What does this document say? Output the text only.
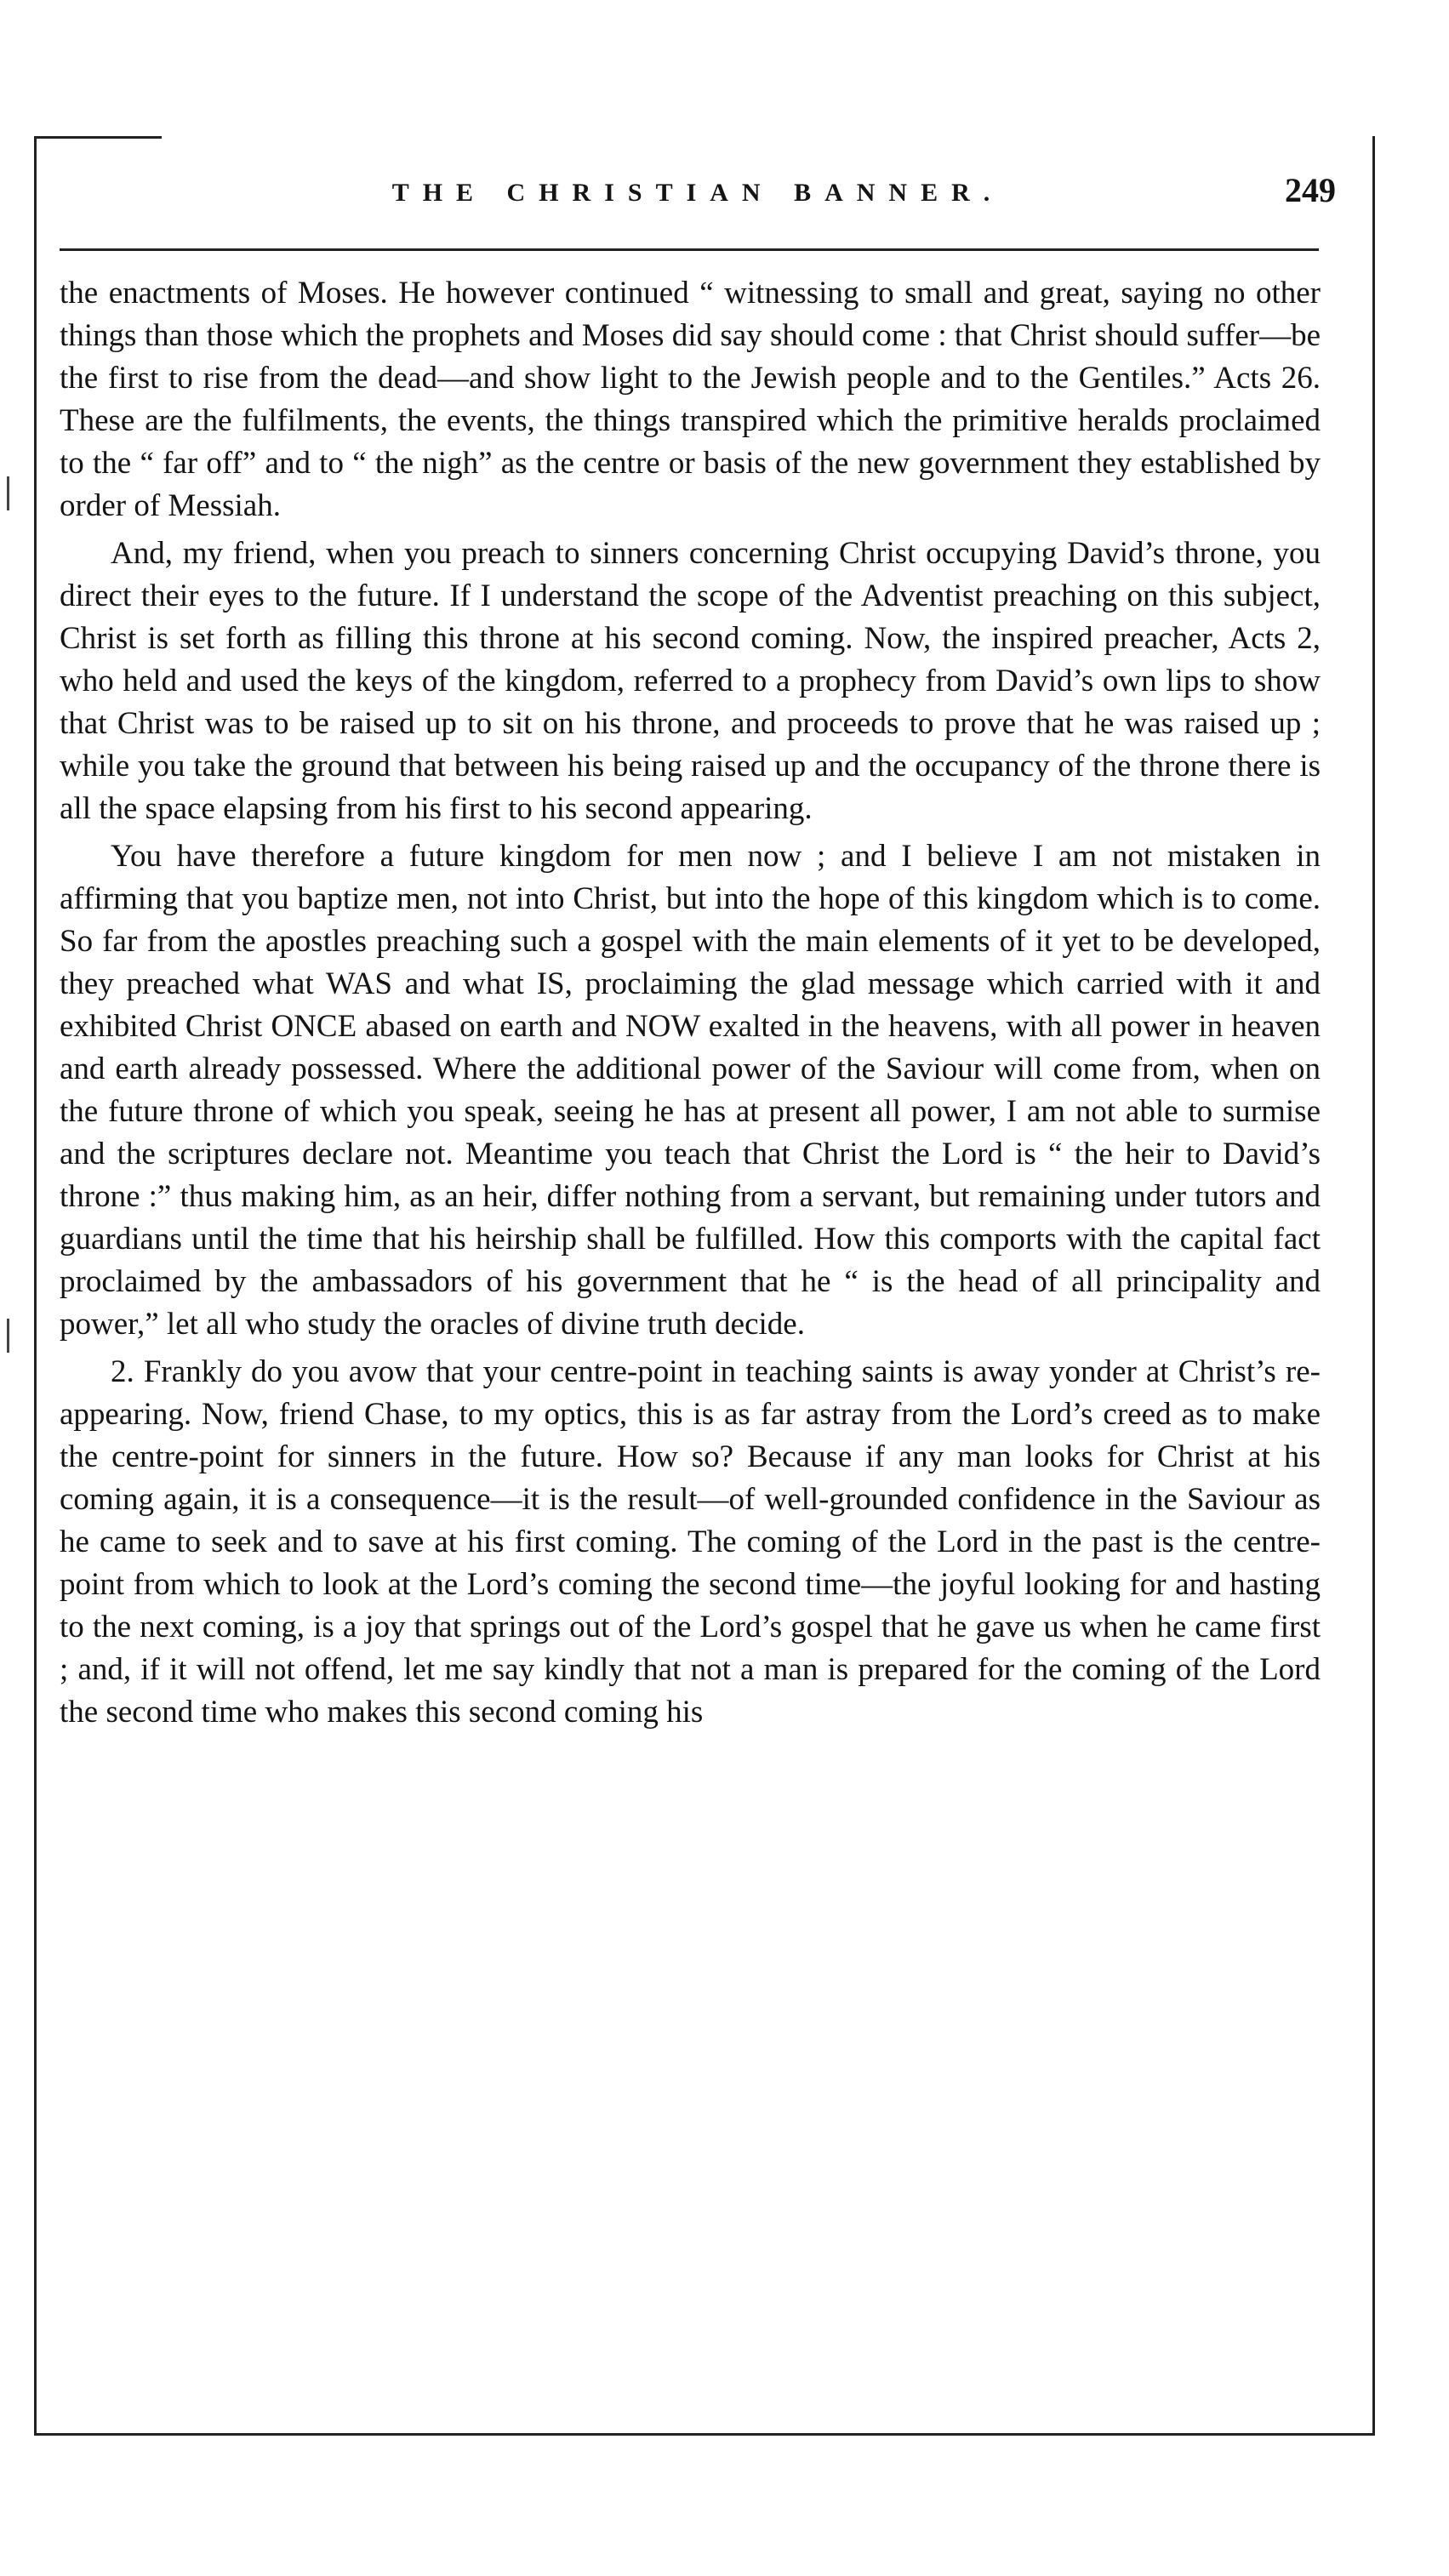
THE CHRISTIAN BANNER.	249

the enactments of Moses. He however continued “ witnessing to small and great, saying no other things than those which the prophets and Moses did say should come : that Christ should suffer—be the first to rise from the dead—and show light to the Jewish people and to the Gentiles.” Acts 26. These are the fulfilments, the events, the things transpired which the primitive heralds proclaimed to the “ far off” and to “ the nigh” as the centre or basis of the new government they established by order of Messiah.

And, my friend, when you preach to sinners concerning Christ occupying David’s throne, you direct their eyes to the future. If I understand the scope of the Adventist preaching on this subject, Christ is set forth as filling this throne at his second coming. Now, the inspired preacher, Acts 2, who held and used the keys of the kingdom, referred to a prophecy from David’s own lips to show that Christ was to be raised up to sit on his throne, and proceeds to prove that he was raised up ; while you take the ground that between his being raised up and the occupancy of the throne there is all the space elapsing from his first to his second appearing.

You have therefore a future kingdom for men now ; and I believe I am not mistaken in affirming that you baptize men, not into Christ, but into the hope of this kingdom which is to come. So far from the apostles preaching such a gospel with the main elements of it yet to be developed, they preached what WAS and what IS, proclaiming the glad message which carried with it and exhibited Christ ONCE abased on earth and NOW exalted in the heavens, with all power in heaven and earth already possessed. Where the additional power of the Saviour will come from, when on the future throne of which you speak, seeing he has at present all power, I am not able to surmise and the scriptures declare not. Meantime you teach that Christ the Lord is “ the heir to David’s throne :” thus making him, as an heir, differ nothing from a servant, but remaining under tutors and guardians until the time that his heirship shall be fulfilled. How this comports with the capital fact proclaimed by the ambassadors of his government that he “ is the head of all principality and power,” let all who study the oracles of divine truth decide.

2. Frankly do you avow that your centre-point in teaching saints is away yonder at Christ’s re-appearing. Now, friend Chase, to my optics, this is as far astray from the Lord’s creed as to make the centre-point for sinners in the future. How so? Because if any man looks for Christ at his coming again, it is a consequence—it is the result—of well-grounded confidence in the Saviour as he came to seek and to save at his first coming. The coming of the Lord in the past is the centre-point from which to look at the Lord’s coming the second time—the joyful looking for and hasting to the next coming, is a joy that springs out of the Lord’s gospel that he gave us when he came first ; and, if it will not offend, let me say kindly that not a man is prepared for the coming of the Lord the second time who makes this second coming his
